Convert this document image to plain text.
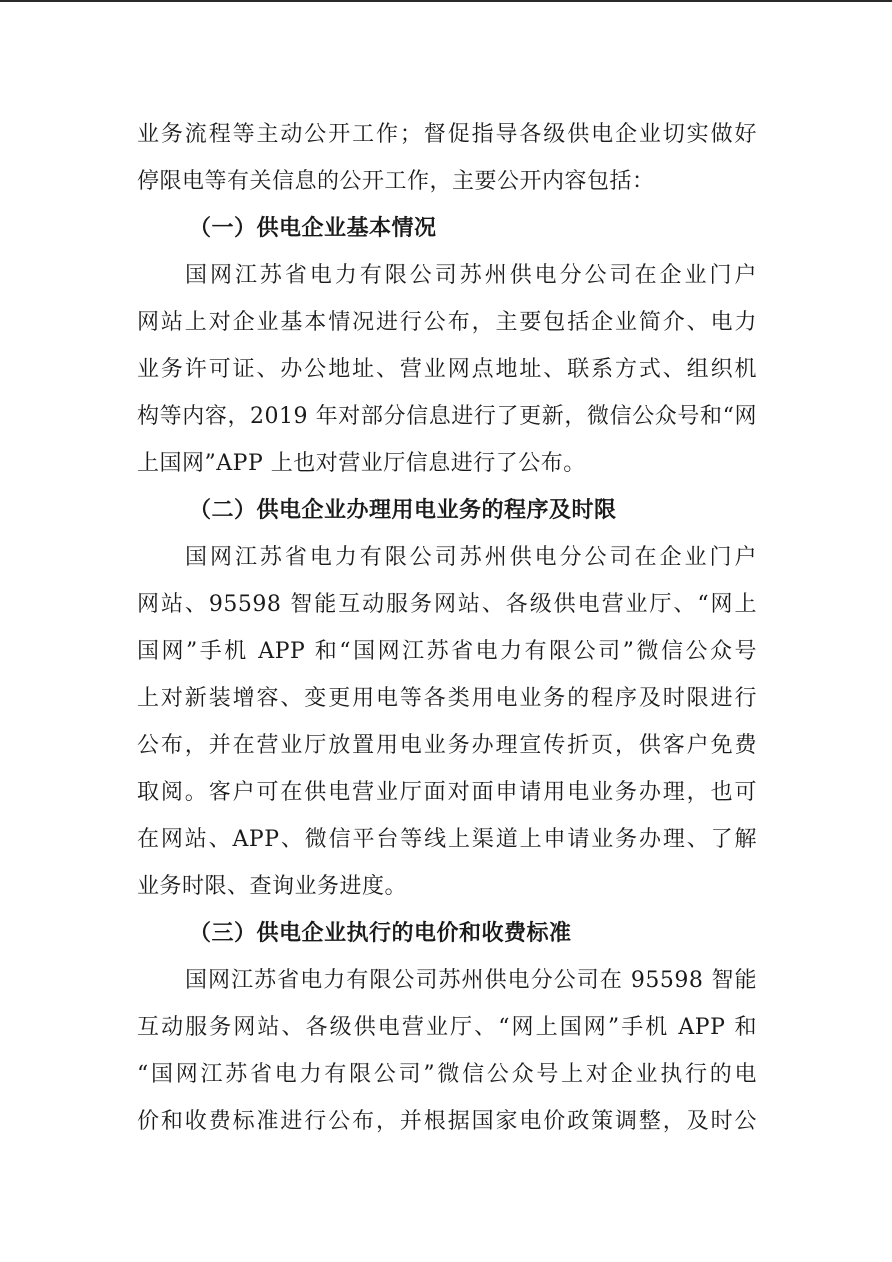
业务流程等主动公开工作；督促指导各级供电企业切实做好
停限电等有关信息的公开工作，主要公开内容包括：
（一）供电企业基本情况
国网江苏省电力有限公司苏州供电分公司在企业门户
网站上对企业基本情况进行公布，主要包括企业简介、电力
业务许可证、办公地址、营业网点地址、联系方式、组织机
构等内容，2019 年对部分信息进行了更新，微信公众号和“网
上国网”APP 上也对营业厅信息进行了公布。
（二）供电企业办理用电业务的程序及时限
国网江苏省电力有限公司苏州供电分公司在企业门户
网站、95598 智能互动服务网站、各级供电营业厅、“网上
国网”手机 APP 和“国网江苏省电力有限公司”微信公众号
上对新装增容、变更用电等各类用电业务的程序及时限进行
公布，并在营业厅放置用电业务办理宣传折页，供客户免费
取阅。客户可在供电营业厅面对面申请用电业务办理，也可
在网站、APP、微信平台等线上渠道上申请业务办理、了解
业务时限、查询业务进度。
（三）供电企业执行的电价和收费标准
国网江苏省电力有限公司苏州供电分公司在 95598 智能
互动服务网站、各级供电营业厅、“网上国网”手机 APP 和
“国网江苏省电力有限公司”微信公众号上对企业执行的电
价和收费标准进行公布，并根据国家电价政策调整，及时公
